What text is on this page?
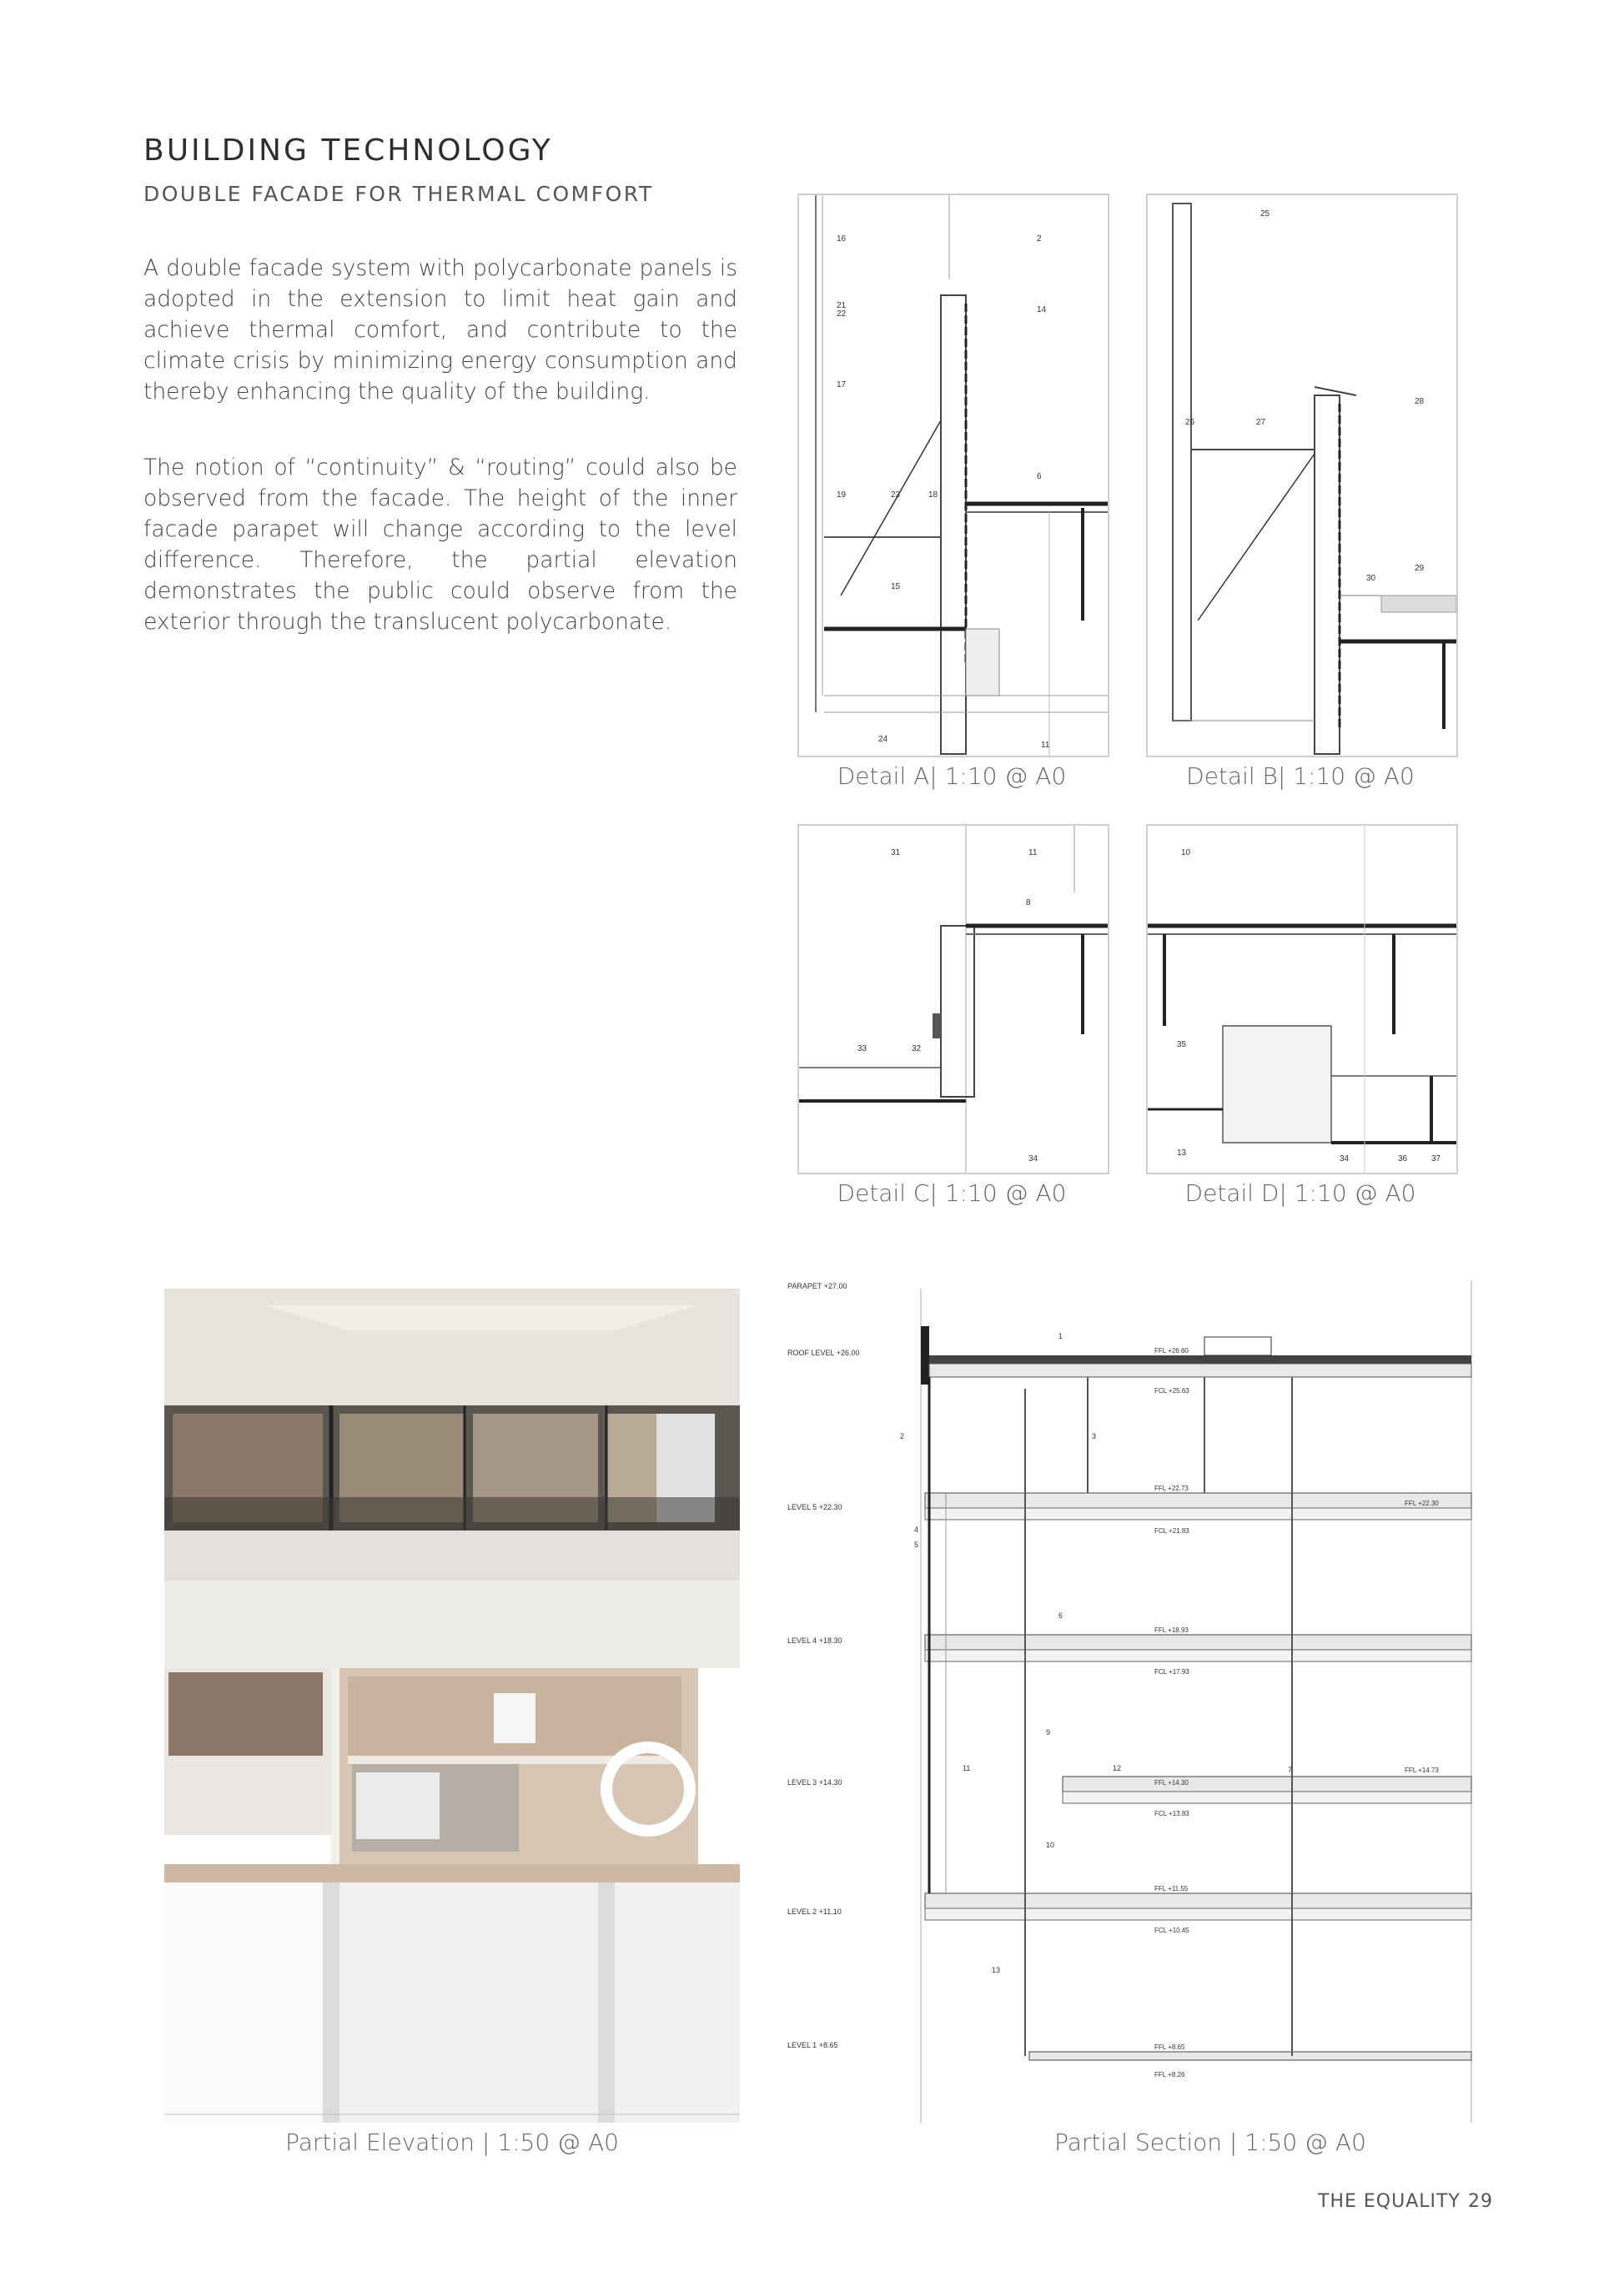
BUILDING TECHNOLOGY
DOUBLE FACADE FOR THERMAL COMFORT
A double facade system with polycarbonate panels is adopted in the extension to limit heat gain and achieve thermal comfort, and contribute to the climate crisis by minimizing energy consumption and thereby enhancing the quality of the building.
The notion of “continuity” & “routing” could also be observed from the facade. The height of the inner facade parapet will change according to the level difference. Therefore, the partial elevation demonstrates the public could observe from the exterior through the translucent polycarbonate.
16	2
21
22	14
17
6
19	23	18
15
24
11
Detail A| 1:10 @ A0
25
26	27
28
29
30
Detail B| 1:10 @ A0
31	11
8
33	32
34
Detail C| 1:10 @ A0
10
35
13
34	36	37
Detail D| 1:10 @ A0
Partial Elevation | 1:50 @ A0
PARAPET +27.00
ROOF LEVEL +26.00
LEVEL 5 +22.30
LEVEL 4 +18.30
LEVEL 3 +14.30
LEVEL 2 +11.10
LEVEL 1 +8.65
FFL +26.60
FCL +25.63
FFL +22.73
FFL +22.30
FCL +21.83
FFL +18.93
FCL +17.93
FFL +14.73
FFL +14.30
FCL +13.83
FFL +11.55
FCL +10.45
FFL +8.65
FFL +8.26
1
2	3
4
5
6
7
9
10
11	12
13
Partial Section | 1:50 @ A0
THE EQUALITY 29
